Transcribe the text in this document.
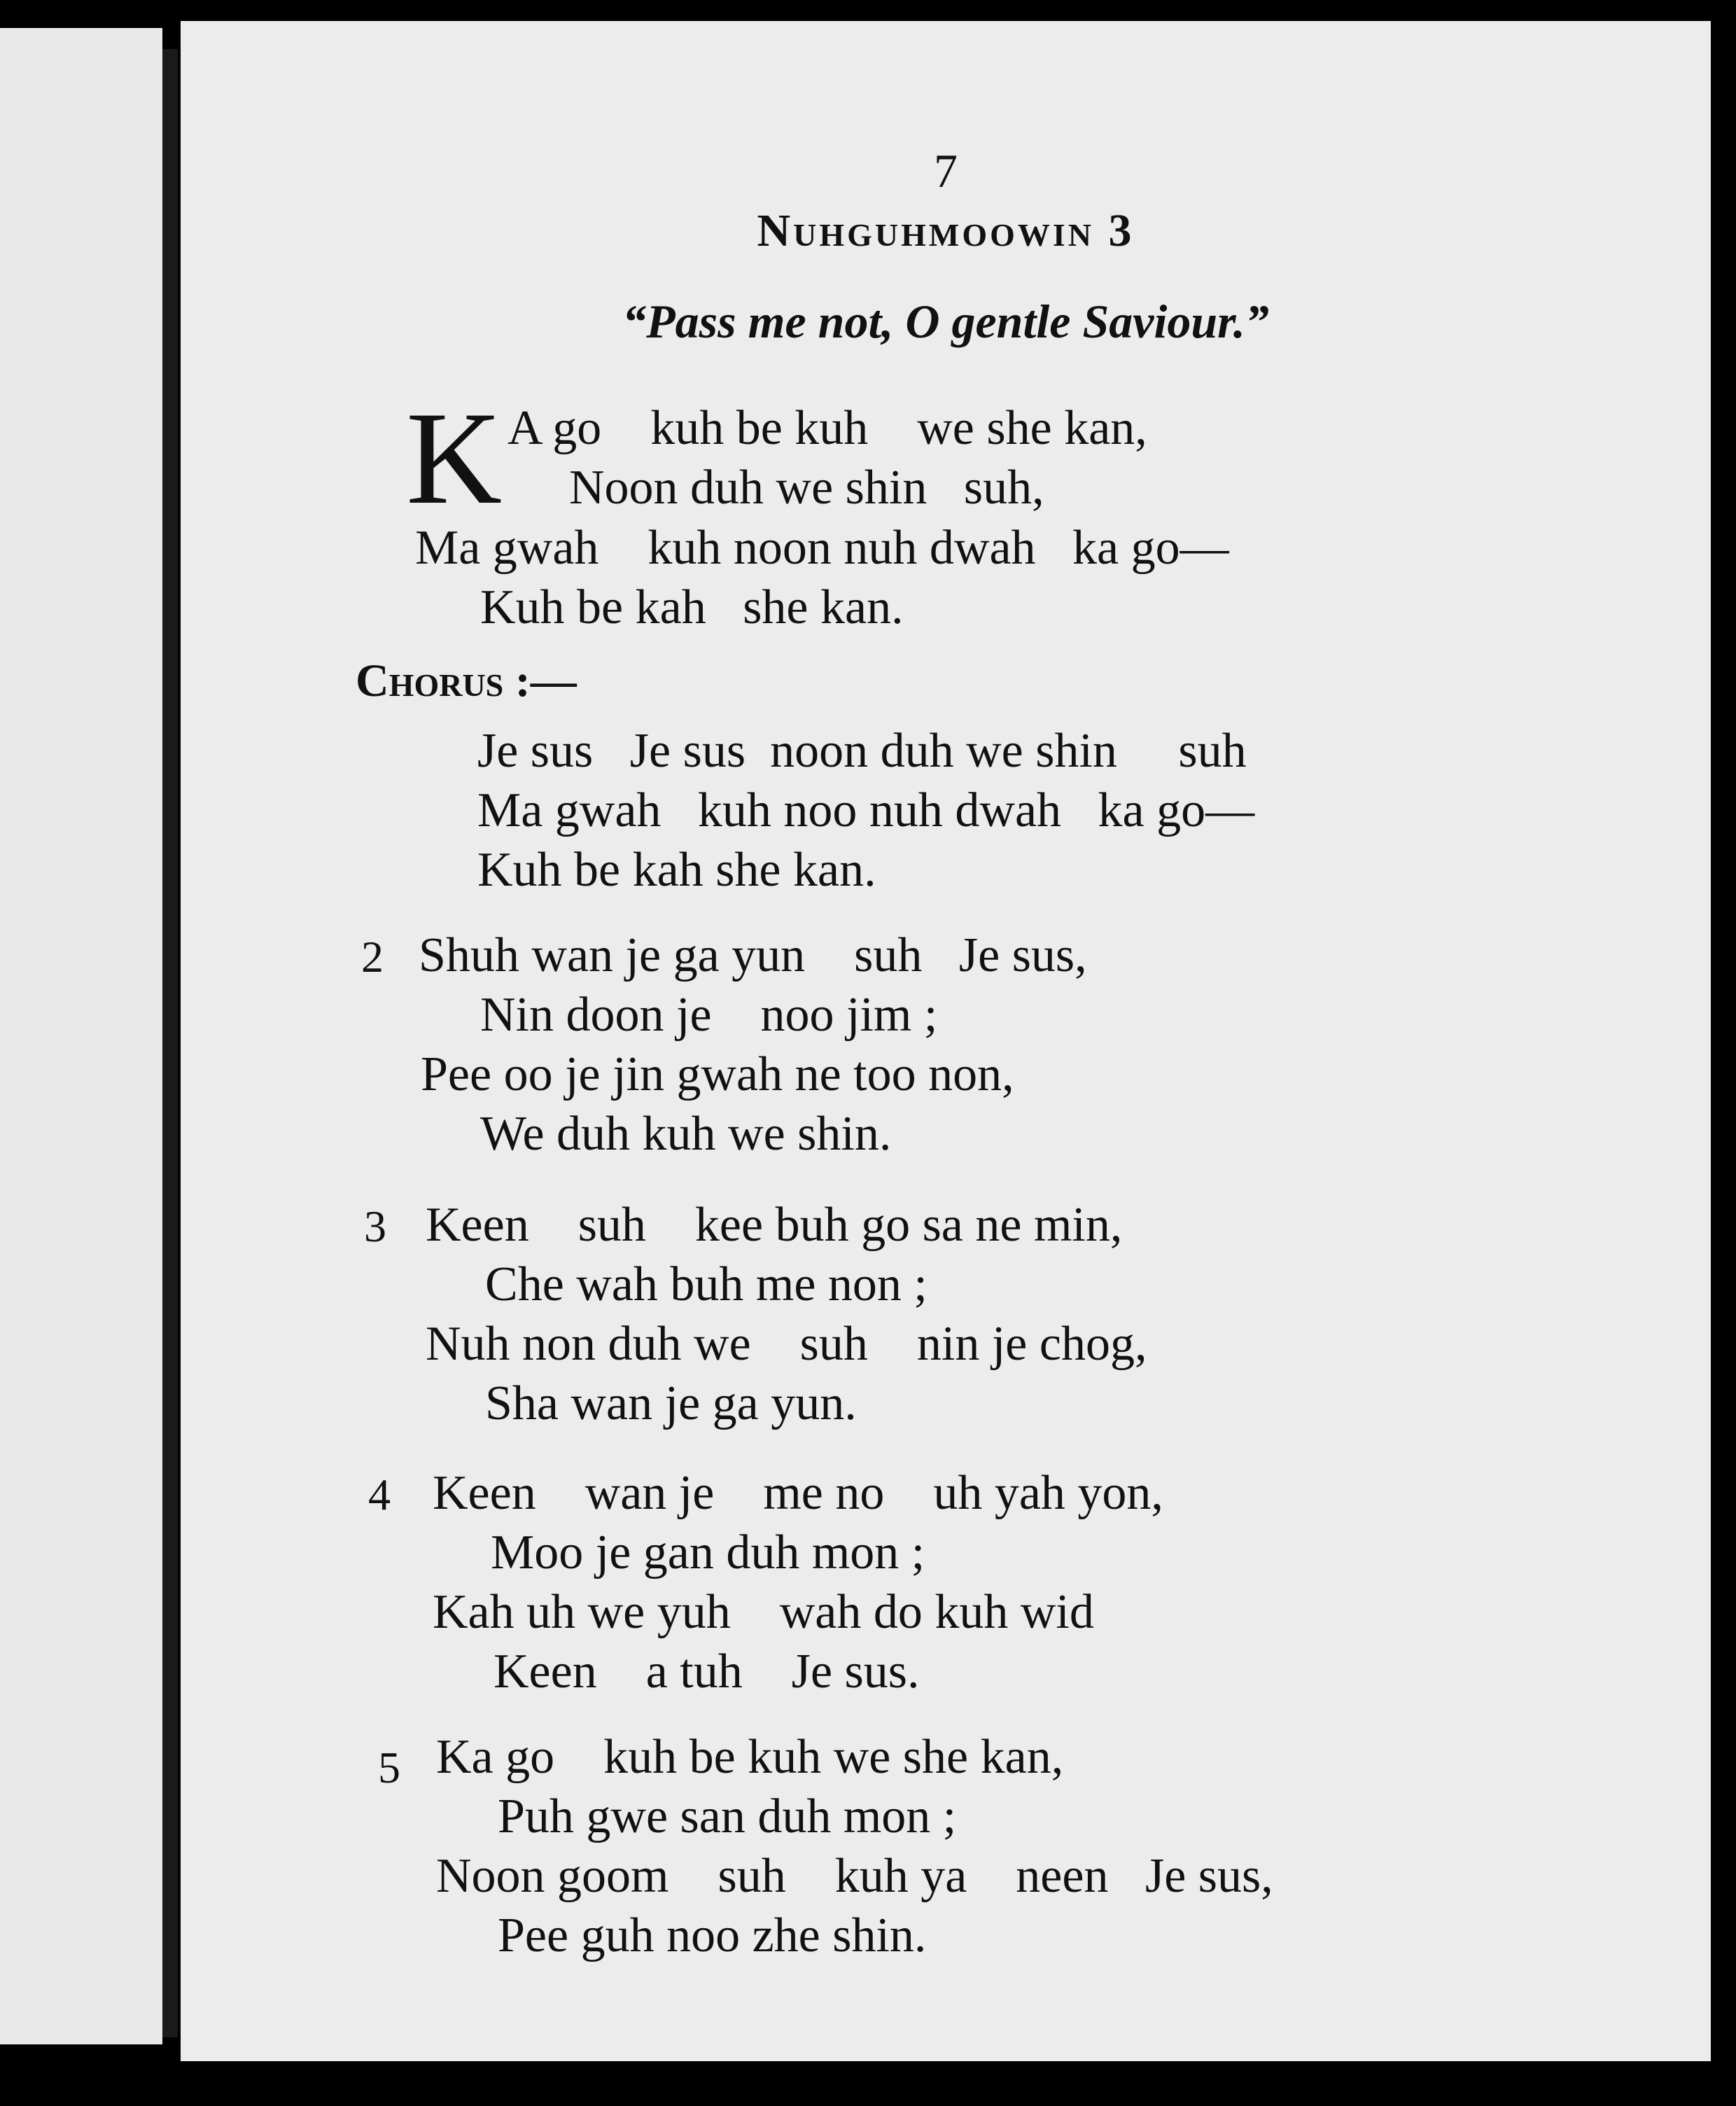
7
Nuhguhmoowin 3
“Pass me not, O gentle Saviour.”
K A go    kuh be kuh    we she kan,
Noon duh we shin   suh,
Ma gwah    kuh noon nuh dwah   ka go—
Kuh be kah   she kan.
Chorus :—
Je sus   Je sus  noon duh we shin     suh
Ma gwah   kuh noo nuh dwah   ka go—
Kuh be kah she kan.
2 Shuh wan je ga yun    suh   Je sus,
Nin doon je    noo jim ;
Pee oo je jin gwah ne too non,
We duh kuh we shin.
3 Keen    suh    kee buh go sa ne min,
Che wah buh me non ;
Nuh non duh we    suh    nin je chog,
Sha wan je ga yun.
4 Keen    wan je    me no    uh yah yon,
Moo je gan duh mon ;
Kah uh we yuh    wah do kuh wid
Keen    a tuh    Je sus.
5 Ka go    kuh be kuh we she kan,
Puh gwe san duh mon ;
Noon goom    suh    kuh ya    neen   Je sus,
Pee guh noo zhe shin.
